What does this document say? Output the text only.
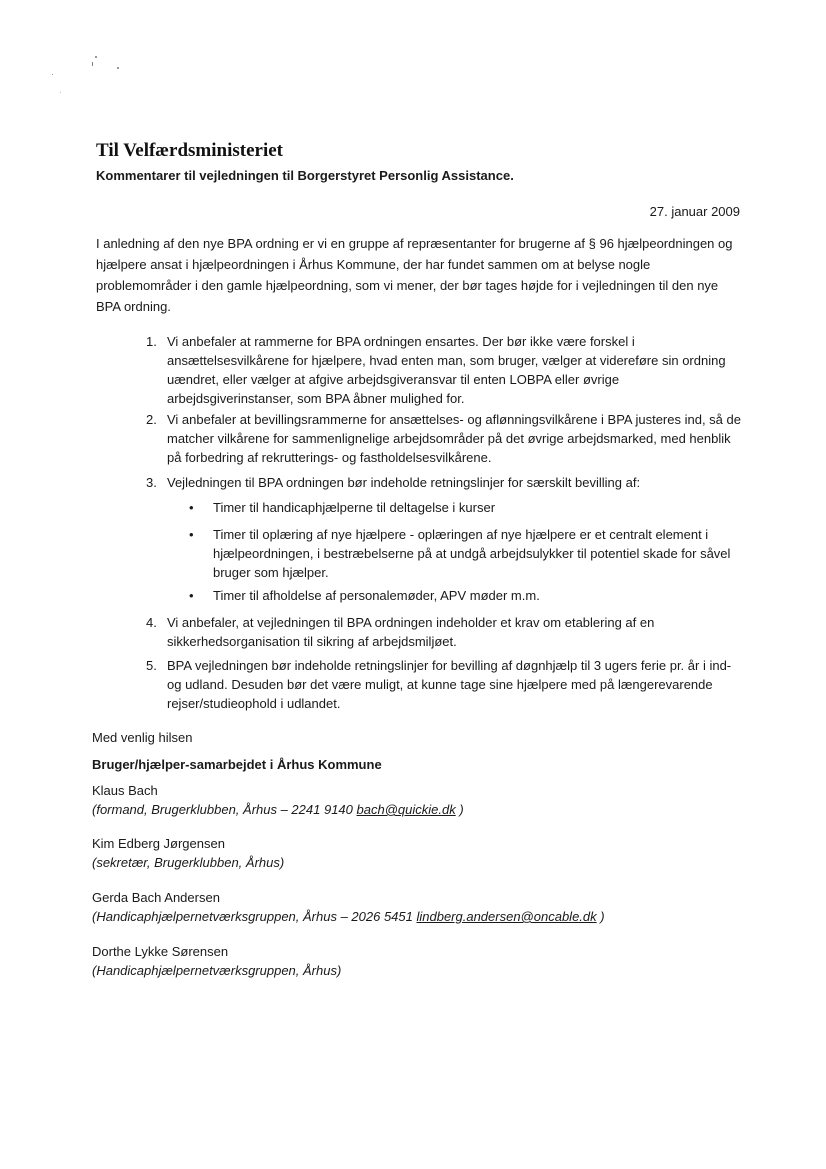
Til Velfærdsministeriet

Kommentarer til vejledningen til Borgerstyret Personlig Assistance.

27. januar 2009

I anledning af den nye BPA ordning er vi en gruppe af repræsentanter for brugerne af § 96 hjælpeordningen og hjælpere ansat i hjælpeordningen i Århus Kommune, der har fundet sammen om at belyse nogle problemområder i den gamle hjælpeordning, som vi mener, der bør tages højde for i vejledningen til den nye BPA ordning.

1. Vi anbefaler at rammerne for BPA ordningen ensartes. Der bør ikke være forskel i ansættelsesvilkårene for hjælpere, hvad enten man, som bruger, vælger at videreføre sin ordning uændret, eller vælger at afgive arbejdsgiveransvar til enten LOBPA eller øvrige arbejdsgiverinstanser, som BPA åbner mulighed for.
2. Vi anbefaler at bevillingsrammerne for ansættelses- og aflønningsvilkårene i BPA justeres ind, så de matcher vilkårene for sammenlignelige arbejdsområder på det øvrige arbejdsmarked, med henblik på forbedring af rekrutterings- og fastholdelsesvilkårene.
3. Vejledningen til BPA ordningen bør indeholde retningslinjer for særskilt bevilling af:
• Timer til handicaphjælperne til deltagelse i kurser
• Timer til oplæring af nye hjælpere - oplæringen af nye hjælpere er et centralt element i hjælpeordningen, i bestræbelserne på at undgå arbejdsulykker til potentiel skade for såvel bruger som hjælper.
• Timer til afholdelse af personalemøder, APV møder m.m.
4. Vi anbefaler, at vejledningen til BPA ordningen indeholder et krav om etablering af en sikkerhedsorganisation til sikring af arbejdsmiljøet.
5. BPA vejledningen bør indeholde retningslinjer for bevilling af døgnhjælp til 3 ugers ferie pr. år i ind- og udland. Desuden bør det være muligt, at kunne tage sine hjælpere med på længerevarende rejser/studieophold i udlandet.
Med venlig hilsen
Bruger/hjælper-samarbejdet i Århus Kommune
Klaus Bach
(formand, Brugerklubben, Århus – 2241 9140 bach@quickie.dk )
Kim Edberg Jørgensen
(sekretær, Brugerklubben, Århus)
Gerda Bach Andersen
(Handicaphjælpernetværksgruppen, Århus – 2026 5451 lindberg.andersen@oncable.dk )
Dorthe Lykke Sørensen
(Handicaphjælpernetværksgruppen, Århus)
